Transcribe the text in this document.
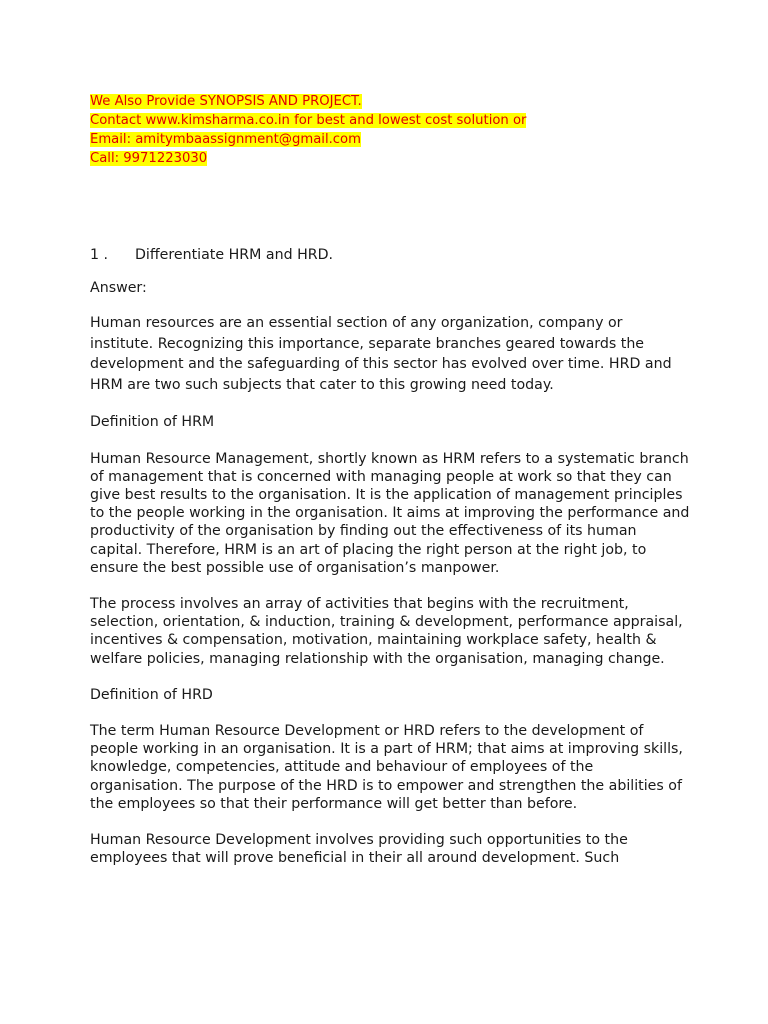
We Also Provide SYNOPSIS AND PROJECT.
Contact www.kimsharma.co.in for best and lowest cost solution or
Email: amitymbaassignment@gmail.com
Call: 9971223030
1 . Differentiate HRM and HRD.
Answer:
Human resources are an essential section of any organization, company or institute. Recognizing this importance, separate branches geared towards the development and the safeguarding of this sector has evolved over time. HRD and HRM are two such subjects that cater to this growing need today.
Definition of HRM
Human Resource Management, shortly known as HRM refers to a systematic branch of management that is concerned with managing people at work so that they can give best results to the organisation. It is the application of management principles to the people working in the organisation. It aims at improving the performance and productivity of the organisation by finding out the effectiveness of its human capital. Therefore, HRM is an art of placing the right person at the right job, to ensure the best possible use of organisation’s manpower.
The process involves an array of activities that begins with the recruitment, selection, orientation, & induction, training & development, performance appraisal, incentives & compensation, motivation, maintaining workplace safety, health & welfare policies, managing relationship with the organisation, managing change.
Definition of HRD
The term Human Resource Development or HRD refers to the development of people working in an organisation. It is a part of HRM; that aims at improving skills, knowledge, competencies, attitude and behaviour of employees of the organisation. The purpose of the HRD is to empower and strengthen the abilities of the employees so that their performance will get better than before.
Human Resource Development involves providing such opportunities to the employees that will prove beneficial in their all around development. Such
